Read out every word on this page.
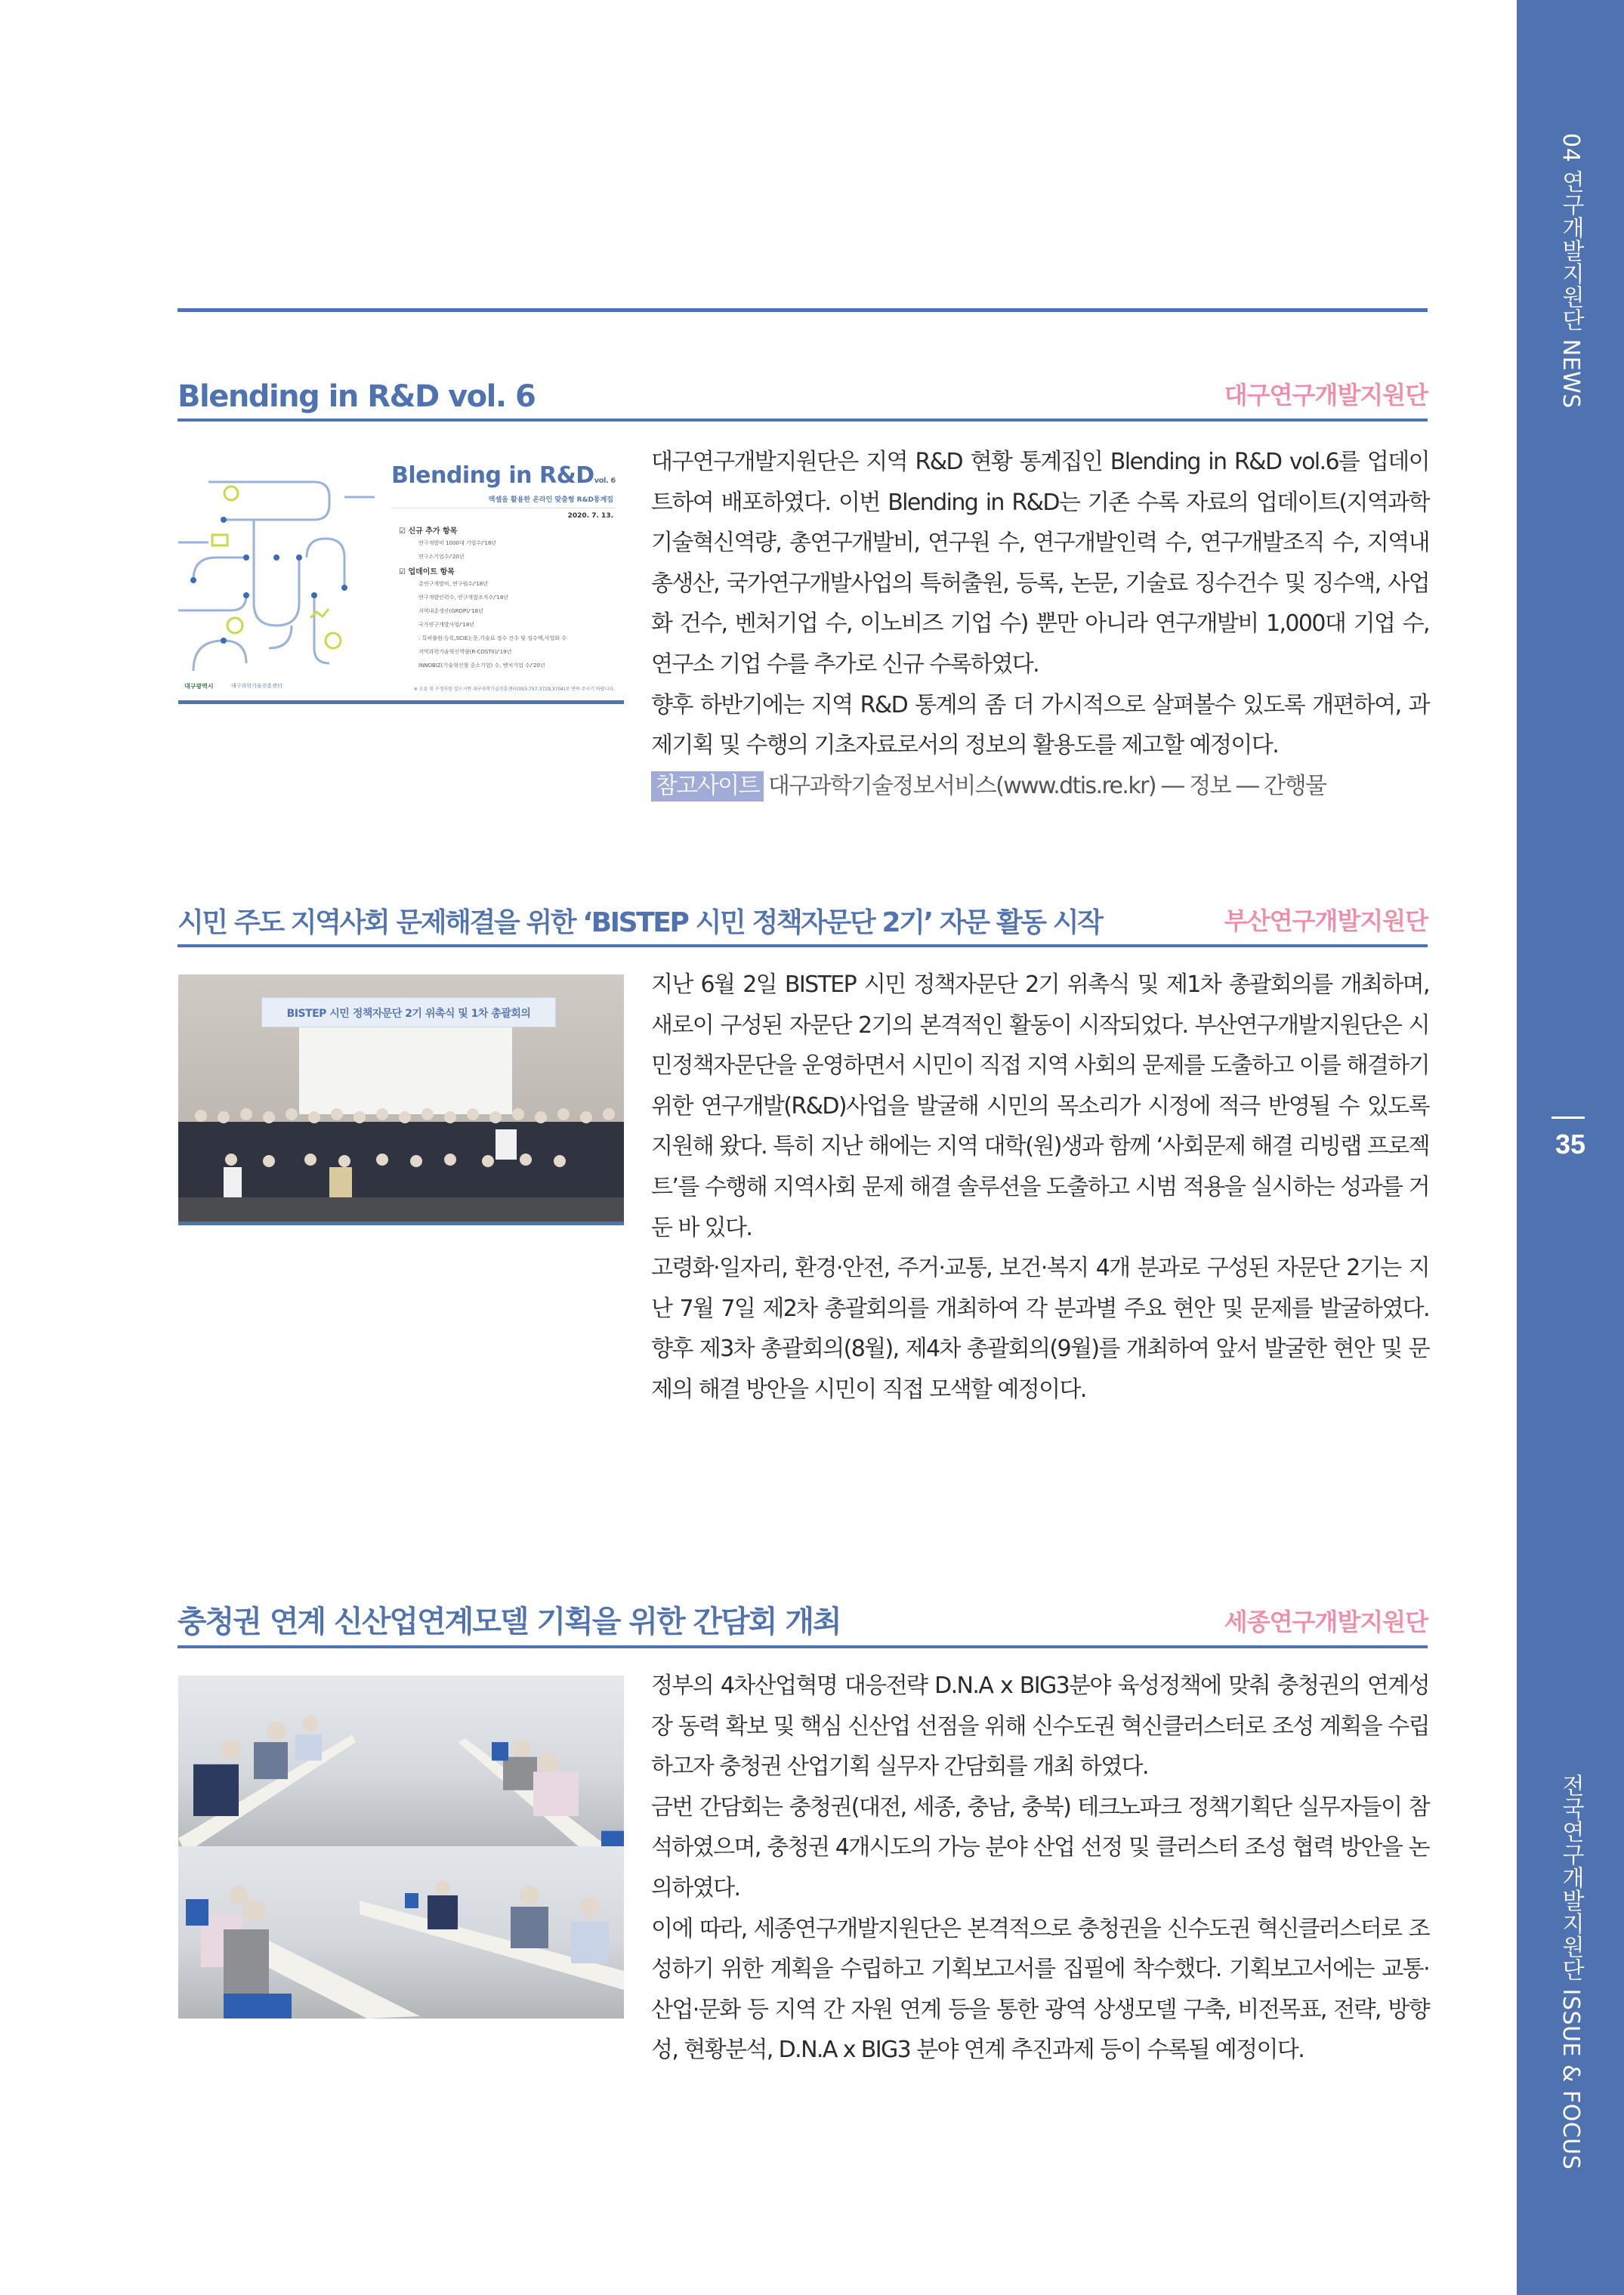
04 연구개발지원단 NEWS
35
전국연구개발지원단 ISSUE & FOCUS
Blending in R&D vol. 6	대구연구개발지원단
Blending in R&Dvol. 6
엑셀을 활용한 온라인 맞춤형 R&D통계집
2020. 7. 13.
☑ 신규 추가 항목
연구개발비 1000대 기업수/'18년
연구소기업수/'20년
☑ 업데이트 항목
총연구개발비, 연구원수/'18년
연구개발인력수, 연구개발조직수/'18년
지역내총생산(GRDP)/'18년
국가연구개발사업/'18년
: 특허출원·등록,SCIE논문,기술료 징수 건수 및 징수액,사업화 수
지역과학기술혁신역량(R-COSTII)/'19년
INNOBIZ(기술혁신형 중소기업) 수, 벤처기업 수/'20년
대구광역시	대구과학기술진흥센터
※ 오류 및 수정사항 있으시면 대구과학기술진흥센터(053-757-3729,3704)로 연락 주시기 바랍니다.

대구연구개발지원단은 지역 R&D 현황 통계집인 Blending in R&D vol.6를 업데이트하여 배포하였다. 이번 Blending in R&D는 기존 수록 자료의 업데이트(지역과학기술혁신역량, 총연구개발비, 연구원 수, 연구개발인력 수, 연구개발조직 수, 지역내 총생산, 국가연구개발사업의 특허출원, 등록, 논문, 기술료 징수건수 및 징수액, 사업화 건수, 벤처기업 수, 이노비즈 기업 수) 뿐만 아니라 연구개발비 1,000대 기업 수, 연구소 기업 수를 추가로 신규 수록하였다.

향후 하반기에는 지역 R&D 통계의 좀 더 가시적으로 살펴볼수 있도록 개편하여, 과제기획 및 수행의 기초자료로서의 정보의 활용도를 제고할 예정이다.

참고사이트 대구과학기술정보서비스(www.dtis.re.kr) ― 정보 ― 간행물

시민 주도 지역사회 문제해결을 위한 ‘BISTEP 시민 정책자문단 2기’ 자문 활동 시작	부산연구개발지원단
BISTEP 시민 정책자문단 2기 위촉식 및 1차 총괄회의

지난 6월 2일 BISTEP 시민 정책자문단 2기 위촉식 및 제1차 총괄회의를 개최하며, 새로이 구성된 자문단 2기의 본격적인 활동이 시작되었다. 부산연구개발지원단은 시민정책자문단을 운영하면서 시민이 직접 지역 사회의 문제를 도출하고 이를 해결하기 위한 연구개발(R&D)사업을 발굴해 시민의 목소리가 시정에 적극 반영될 수 있도록 지원해 왔다. 특히 지난 해에는 지역 대학(원)생과 함께 ‘사회문제 해결 리빙랩 프로젝트’를 수행해 지역사회 문제 해결 솔루션을 도출하고 시범 적용을 실시하는 성과를 거둔 바 있다.

고령화·일자리, 환경·안전, 주거·교통, 보건·복지 4개 분과로 구성된 자문단 2기는 지난 7월 7일 제2차 총괄회의를 개최하여 각 분과별 주요 현안 및 문제를 발굴하였다. 향후 제3차 총괄회의(8월), 제4차 총괄회의(9월)를 개최하여 앞서 발굴한 현안 및 문제의 해결 방안을 시민이 직접 모색할 예정이다.

충청권 연계 신산업연계모델 기획을 위한 간담회 개최	세종연구개발지원단

정부의 4차산업혁명 대응전략 D.N.A x BIG3분야 육성정책에 맞춰 충청권의 연계성장 동력 확보 및 핵심 신산업 선점을 위해 신수도권 혁신클러스터로 조성 계획을 수립하고자 충청권 산업기획 실무자 간담회를 개최 하였다.

금번 간담회는 충청권(대전, 세종, 충남, 충북) 테크노파크 정책기획단 실무자들이 참석하였으며, 충청권 4개시도의 가능 분야 산업 선정 및 클러스터 조성 협력 방안을 논의하였다.

이에 따라, 세종연구개발지원단은 본격적으로 충청권을 신수도권 혁신클러스터로 조성하기 위한 계획을 수립하고 기획보고서를 집필에 착수했다. 기획보고서에는 교통·산업·문화 등 지역 간 자원 연계 등을 통한 광역 상생모델 구축, 비전목표, 전략, 방향성, 현황분석, D.N.A x BIG3 분야 연계 추진과제 등이 수록될 예정이다.
